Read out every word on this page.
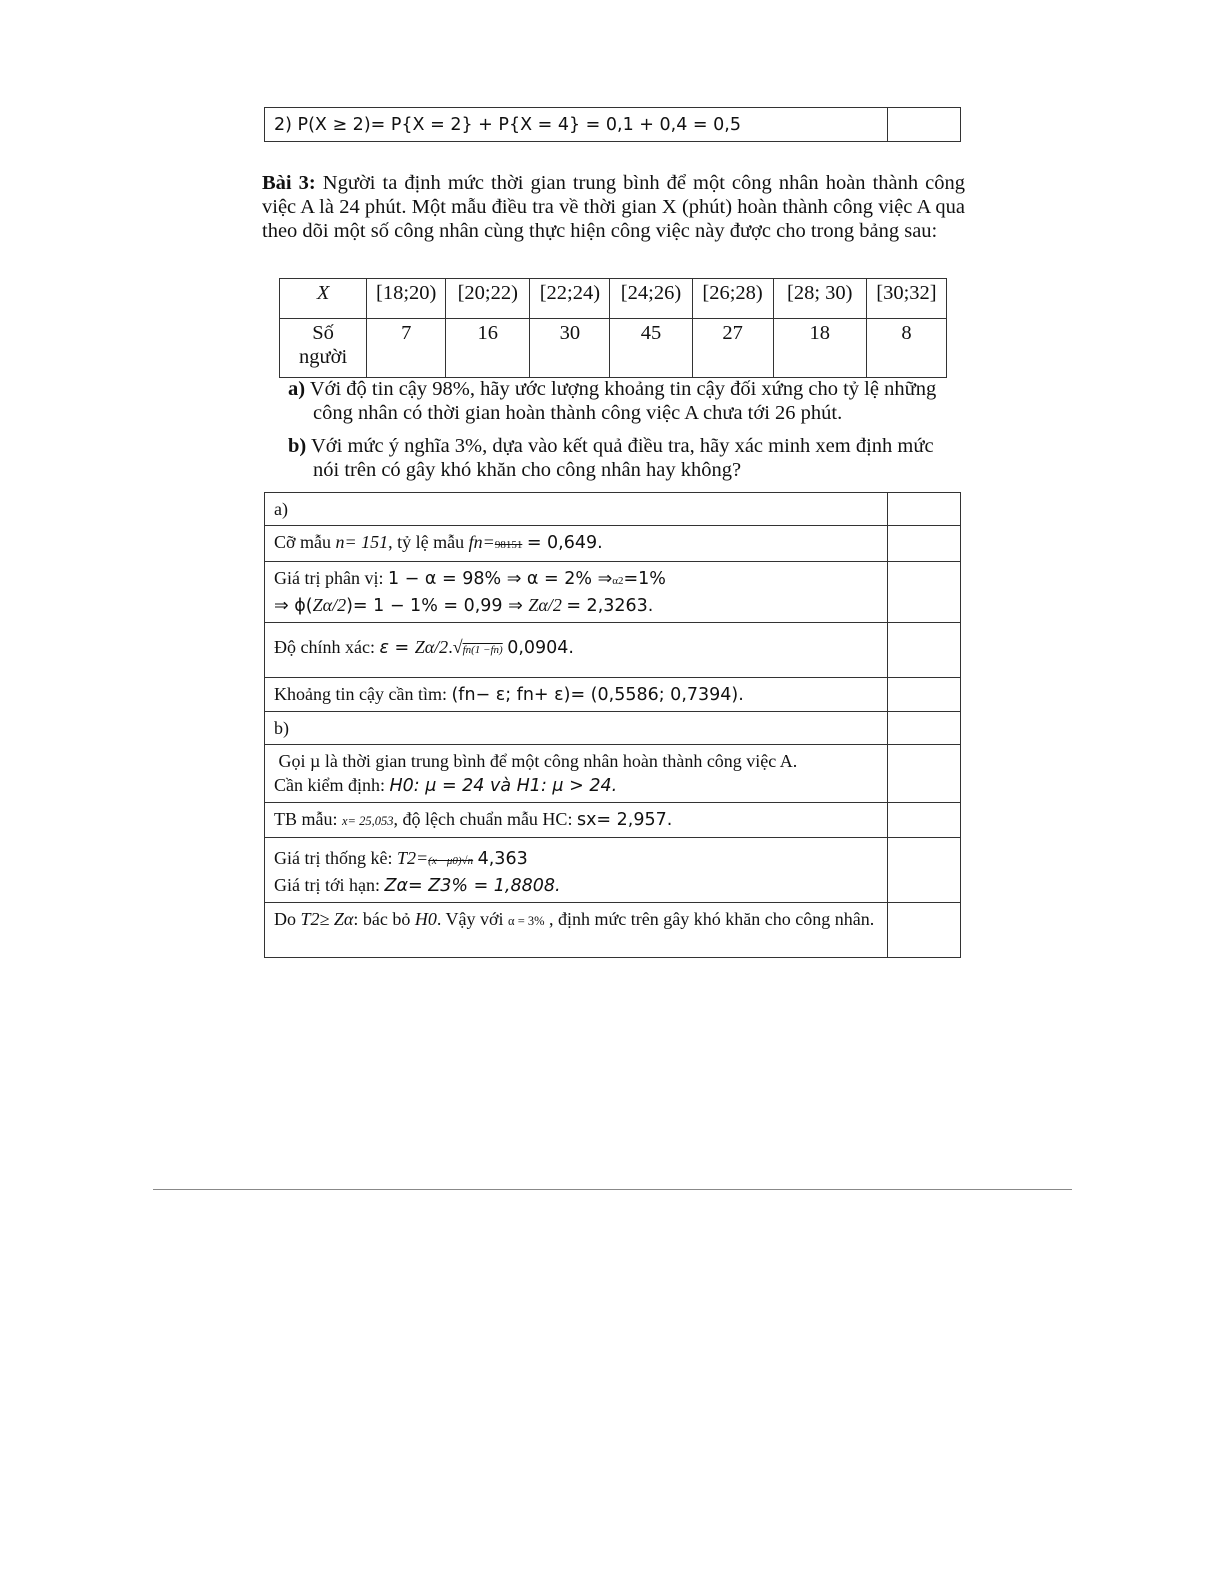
2) P(X ≥ 2)= P{X = 2} + P{X = 4} = 0,1 + 0,4 = 0,5	
Bài 3: Người ta định mức thời gian trung bình để một công nhân hoàn thành công việc A là 24 phút. Một mẫu điều tra về thời gian X (phút) hoàn thành công việc A qua theo dõi một số công nhân cùng thực hiện công việc này được cho trong bảng sau:
X	[18;20)	[20;22)	[22;24)	[24;26)	[26;28)	[28; 30)	[30;32]
Số
người	7	16	30	45	27	18	8
a) Với độ tin cậy 98%, hãy ước lượng khoảng tin cậy đối xứng cho tỷ lệ những công nhân có thời gian hoàn thành công việc A chưa tới 26 phút.
b) Với mức ý nghĩa 3%, dựa vào kết quả điều tra, hãy xác minh xem định mức nói trên có gây khó khăn cho công nhân hay không?
a)	
Cỡ mẫu n= 151, tỷ lệ mẫu fn=98151 = 0,649.	
Giá trị phân vị: 1 − α = 98% ⇒ α = 2% ⇒α2=1%
⇒ ϕ(Zα/2)= 1 − 1% = 0,99 ⇒ Zα/2 = 2,3263.	
Độ chính xác: ε = Zα/2.√fn(1 −fn) 0,0904.	
Khoảng tin cậy cần tìm: (fn− ε; fn+ ε)= (0,5586; 0,7394).	
b)	
Gọi µ là thời gian trung bình để một công nhân hoàn thành công việc A.
Cần kiểm định: H0: μ = 24 và H1: μ > 24.	
TB mẫu: x= 25,053, độ lệch chuẩn mẫu HC: sx= 2,957.	
Giá trị thống kê: T2=(x −μ0)√n 4,363
Giá trị tới hạn: Zα= Z3% = 1,8808.	
Do T2≥ Zα: bác bỏ H0. Vậy với α = 3% , định mức trên gây khó khăn cho công nhân.	
